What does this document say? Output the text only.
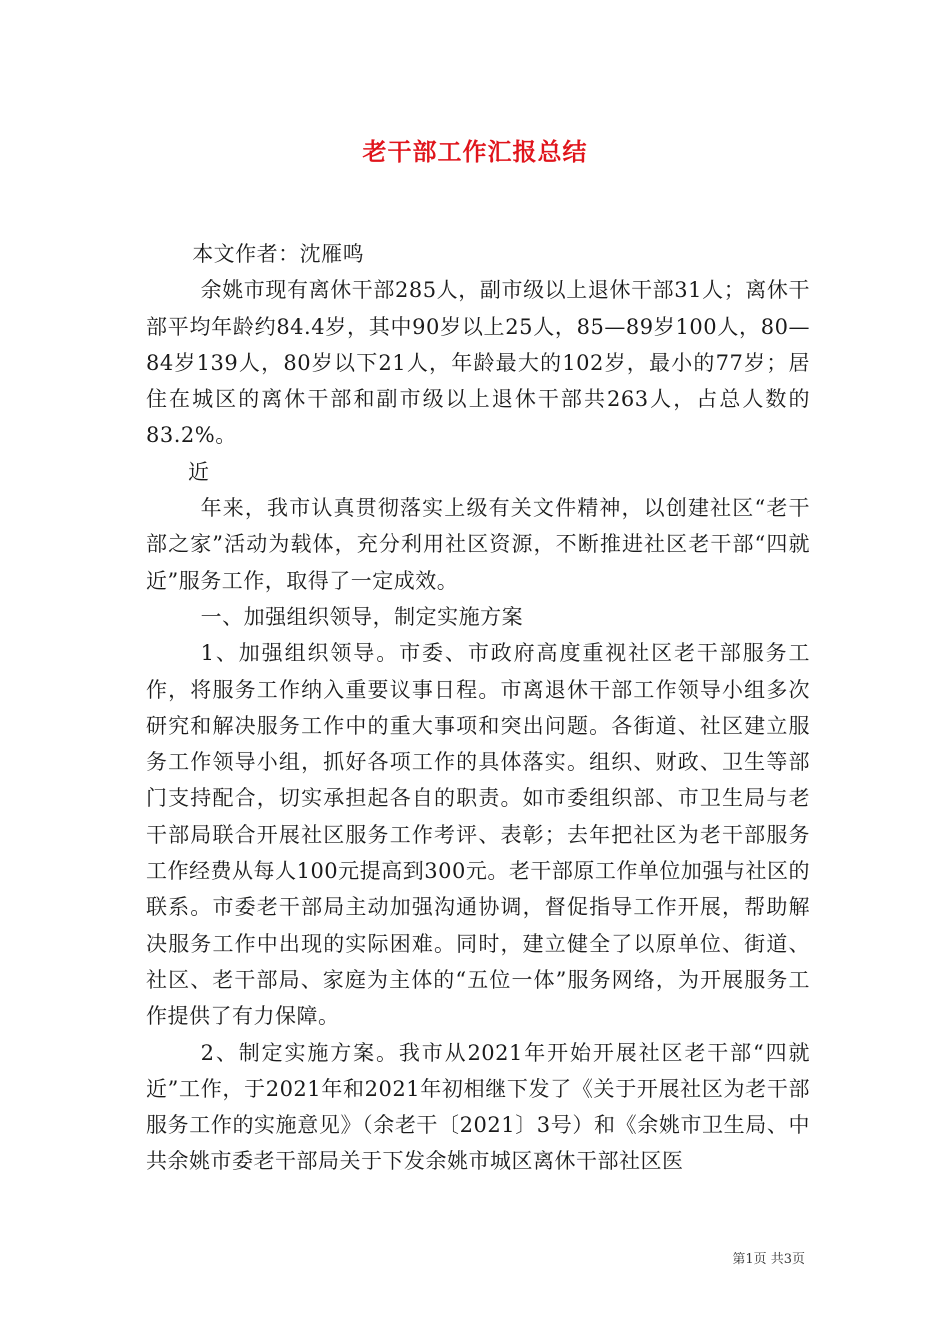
老干部工作汇报总结

本文作者：沈雁鸣

余姚市现有离休干部285人，副市级以上退休干部31人；离休干部平均年龄约84.4岁，其中90岁以上25人，85—89岁100人，80—84岁139人，80岁以下21人，年龄最大的102岁，最小的77岁；居住在城区的离休干部和副市级以上退休干部共263人，占总人数的83.2%。

近

年来，我市认真贯彻落实上级有关文件精神，以创建社区“老干部之家”活动为载体，充分利用社区资源，不断推进社区老干部“四就近”服务工作，取得了一定成效。

一、加强组织领导，制定实施方案

1、加强组织领导。市委、市政府高度重视社区老干部服务工作，将服务工作纳入重要议事日程。市离退休干部工作领导小组多次研究和解决服务工作中的重大事项和突出问题。各街道、社区建立服务工作领导小组，抓好各项工作的具体落实。组织、财政、卫生等部门支持配合，切实承担起各自的职责。如市委组织部、市卫生局与老干部局联合开展社区服务工作考评、表彰；去年把社区为老干部服务工作经费从每人100元提高到300元。老干部原工作单位加强与社区的联系。市委老干部局主动加强沟通协调，督促指导工作开展，帮助解决服务工作中出现的实际困难。同时，建立健全了以原单位、街道、社区、老干部局、家庭为主体的“五位一体”服务网络，为开展服务工作提供了有力保障。

2、制定实施方案。我市从2021年开始开展社区老干部“四就近”工作，于2021年和2021年初相继下发了《关于开展社区为老干部服务工作的实施意见》（余老干〔2021〕3号）和《余姚市卫生局、中共余姚市委老干部局关于下发余姚市城区离休干部社区医

第1页 共3页
